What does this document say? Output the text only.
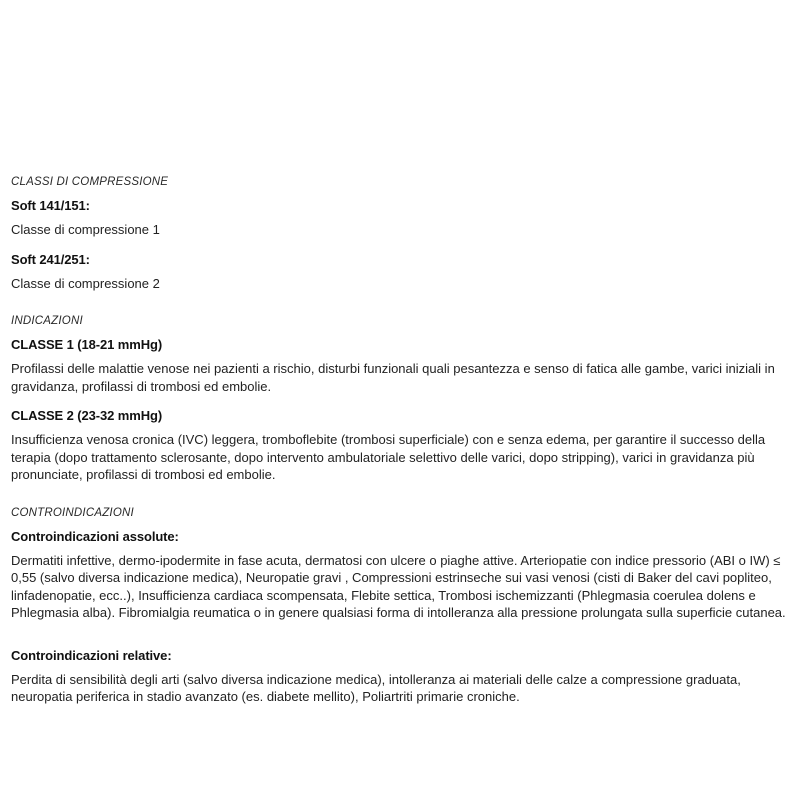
CLASSI DI COMPRESSIONE
Soft 141/151:

Classe di compressione 1

Soft 241/251:

Classe di compressione 2

INDICAZIONI
CLASSE 1 (18-21 mmHg)

Profilassi delle malattie venose nei pazienti a rischio, disturbi funzionali quali pesantezza e senso di fatica alle gambe, varici iniziali in gravidanza, profilassi di trombosi ed embolie.

CLASSE 2 (23-32 mmHg)

Insufficienza venosa cronica (IVC) leggera, tromboflebite (trombosi superficiale) con e senza edema, per garantire il successo della terapia (dopo trattamento sclerosante, dopo intervento ambulatoriale selettivo delle varici, dopo stripping), varici in gravidanza più pronunciate, profilassi di trombosi ed embolie.

CONTROINDICAZIONI
Controindicazioni assolute:

Dermatiti infettive, dermo-ipodermite in fase acuta, dermatosi con ulcere o piaghe attive. Arteriopatie con indice pressorio (ABI o IW) ≤ 0,55 (salvo diversa indicazione medica), Neuropatie gravi , Compressioni estrinseche sui vasi venosi (cisti di Baker del cavi popliteo, linfadenopatie, ecc..), Insufficienza cardiaca scompensata, Flebite settica, Trombosi ischemizzanti (Phlegmasia coerulea dolens e Phlegmasia alba). Fibromialgia reumatica o in genere qualsiasi forma di intolleranza alla pressione prolungata sulla superficie cutanea.

Controindicazioni relative:

Perdita di sensibilità degli arti (salvo diversa indicazione medica), intolleranza ai materiali delle calze a compressione graduata, neuropatia periferica in stadio avanzato (es. diabete mellito), Poliartriti primarie croniche.
